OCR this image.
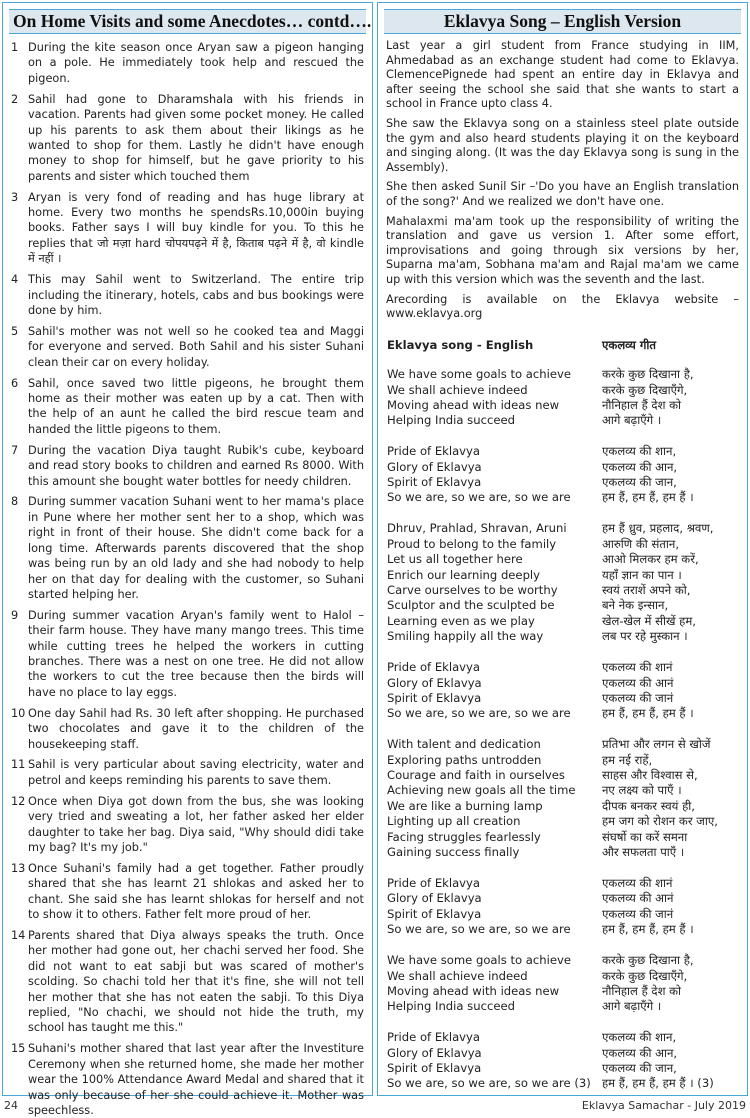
On Home Visits and some Anecdotes… contd….
1 During the kite season once Aryan saw a pigeon hanging on a pole. He immediately took help and rescued the pigeon.
2 Sahil had gone to Dharamshala with his friends in vacation. Parents had given some pocket money. He called up his parents to ask them about their likings as he wanted to shop for them. Lastly he didn't have enough money to shop for himself, but he gave priority to his parents and sister which touched them
3 Aryan is very fond of reading and has huge library at home. Every two months he spendsRs.10,000in buying books. Father says I will buy kindle for you. To this he replies that जो मज़ा hard चोपयपढ़ने में है, किताब पढ़ने में है, वो kindle में नहीं ।
4 This may Sahil went to Switzerland. The entire trip including the itinerary, hotels, cabs and bus bookings were done by him.
5 Sahil's mother was not well so he cooked tea and Maggi for everyone and served. Both Sahil and his sister Suhani clean their car on every holiday.
6 Sahil, once saved two little pigeons, he brought them home as their mother was eaten up by a cat. Then with the help of an aunt he called the bird rescue team and handed the little pigeons to them.
7 During the vacation Diya taught Rubik's cube, keyboard and read story books to children and earned Rs 8000. With this amount she bought water bottles for needy children.
8 During summer vacation Suhani went to her mama's place in Pune where her mother sent her to a shop, which was right in front of their house. She didn't come back for a long time. Afterwards parents discovered that the shop was being run by an old lady and she had nobody to help her on that day for dealing with the customer, so Suhani started helping her.
9 During summer vacation Aryan's family went to Halol – their farm house. They have many mango trees. This time while cutting trees he helped the workers in cutting branches. There was a nest on one tree. He did not allow the workers to cut the tree because then the birds will have no place to lay eggs.
10 One day Sahil had Rs. 30 left after shopping. He purchased two chocolates and gave it to the children of the housekeeping staff.
11 Sahil is very particular about saving electricity, water and petrol and keeps reminding his parents to save them.
12 Once when Diya got down from the bus, she was looking very tried and sweating a lot, her father asked her elder daughter to take her bag. Diya said, "Why should didi take my bag? It's my job."
13 Once Suhani's family had a get together. Father proudly shared that she has learnt 21 shlokas and asked her to chant. She said she has learnt shlokas for herself and not to show it to others. Father felt more proud of her.
14 Parents shared that Diya always speaks the truth. Once her mother had gone out, her chachi served her food. She did not want to eat sabji but was scared of mother's scolding. So chachi told her that it's fine, she will not tell her mother that she has not eaten the sabji. To this Diya replied, "No chachi, we should not hide the truth, my school has taught me this."
15 Suhani's mother shared that last year after the Investiture Ceremony when she returned home, she made her mother wear the 100% Attendance Award Medal and shared that it was only because of her she could achieve it. Mother was speechless.
Eklavya Song – English Version

Last year a girl student from France studying in IIM, Ahmedabad as an exchange student had come to Eklavya. ClemencePignede had spent an entire day in Eklavya and after seeing the school she said that she wants to start a school in France upto class 4.

She saw the Eklavya song on a stainless steel plate outside the gym and also heard students playing it on the keyboard and singing along. (It was the day Eklavya song is sung in the Assembly).

She then asked Sunil Sir –'Do you have an English translation of the song?' And we realized we don't have one.

Mahalaxmi ma'am took up the responsibility of writing the translation and gave us version 1. After some effort, improvisations and going through six versions by her, Suparna ma'am, Sobhana ma'am and Rajal ma'am we came up with this version which was the seventh and the last.

Arecording is available on the Eklavya website – www.eklavya.org

Eklavya song - English	एकलव्य गीत
We have some goals to achieve	करके कुछ दिखाना है,
We shall achieve indeed	करके कुछ दिखाएँगे,
Moving ahead with ideas new	नौनिहाल हैं देश को
Helping India succeed	आगे बढ़ाएँगे ।
Pride of Eklavya	एकलव्य की शान,
Glory of Eklavya	एकलव्य की आन,
Spirit of Eklavya	एकलव्य की जान,
So we are, so we are, so we are	हम हैं, हम हैं, हम हैं ।
Dhruv, Prahlad, Shravan, Aruni	हम हैं ध्रुव, प्रहलाद, श्रवण,
Proud to belong to the family	आरुणि की संतान,
Let us all together here	आओ मिलकर हम करें,
Enrich our learning deeply	यहाँ ज्ञान का पान ।
Carve ourselves to be worthy	स्वयं तराशें अपने को,
Sculptor and the sculpted be	बने नेक इन्सान,
Learning even as we play	खेल-खेल में सीखें हम,
Smiling happily all the way	लब पर रहे मुस्कान ।
Pride of Eklavya	एकलव्य की शानं
Glory of Eklavya	एकलव्य की आनं
Spirit of Eklavya	एकलव्य की जानं
So we are, so we are, so we are	हम हैं, हम हैं, हम हैं ।
With talent and dedication	प्रतिभा और लगन से खोजें
Exploring paths untrodden	हम नई राहें,
Courage and faith in ourselves	साहस और विश्वास से,
Achieving new goals all the time	नए लक्ष्य को पाएँ ।
We are like a burning lamp	दीपक बनकर स्वयं ही,
Lighting up all creation	हम जग को रोशन कर जाए,
Facing struggles fearlessly	संघर्षो का करें समना
Gaining success finally	और सफलता पाएँ ।
Pride of Eklavya	एकलव्य की शानं
Glory of Eklavya	एकलव्य की आनं
Spirit of Eklavya	एकलव्य की जानं
So we are, so we are, so we are	हम हैं, हम हैं, हम हैं ।
We have some goals to achieve	करके कुछ दिखाना है,
We shall achieve indeed	करके कुछ दिखाएँगे,
Moving ahead with ideas new	नौनिहाल हैं देश को
Helping India succeed	आगे बढ़ाएँगे ।
Pride of Eklavya	एकलव्य की शान,
Glory of Eklavya	एकलव्य की आन,
Spirit of Eklavya	एकलव्य की जान,
So we are, so we are, so we are (3) हम हैं, हम हैं, हम हैं । (3)
24	Eklavya Samachar - July 2019
